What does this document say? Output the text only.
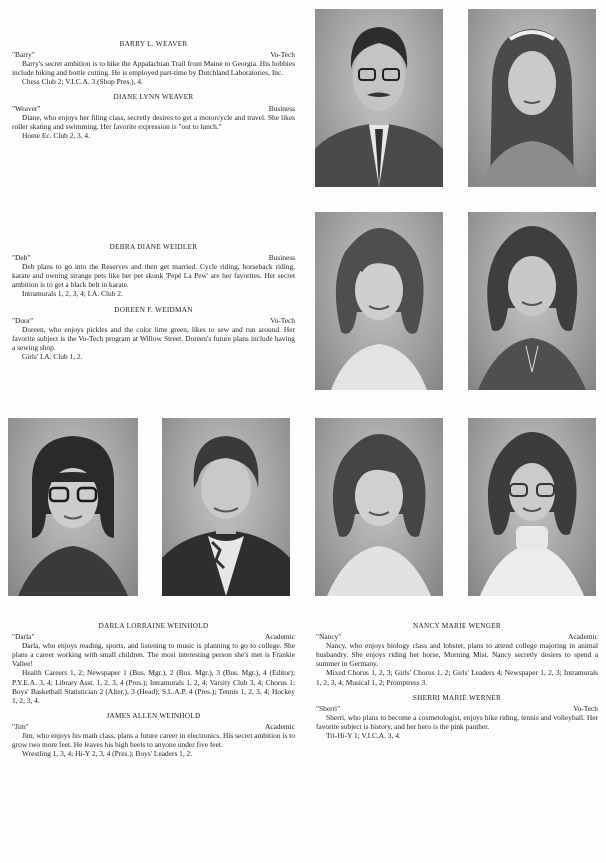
BARRY L. WEAVER
"Barry"	Vo-Tech
Barry's secret ambition is to hike the Appalachian Trail from Maine to Georgia. His hobbies include hiking and bottle cutting. He is employed part-time by Dutchland Laboratories, Inc.
Chess Club 2; V.I.C.A. 3 (Shop Pres.), 4.
DIANE LYNN WEAVER
"Weaver"	Business
Diane, who enjoys her filing class, secretly desires to get a motorcycle and travel. She likes roller skating and swimming. Her favorite expression is "out to lunch."
Home Ec. Club 2, 3, 4.
DEBRA DIANE WEIDLER
"Deb"	Business
Deb plans to go into the Reserves and then get married. Cycle riding, horseback riding, karate and owning strange pets like her pet skunk 'Pepé La Pew' are her favorites. Her secret ambition is to get a black belt in karate.
Intramurals 1, 2, 3, 4; I.A. Club 2.
DOREEN F. WEIDMAN
"Door"	Vo-Tech
Doreen, who enjoys pickles and the color lime green, likes to sew and run around. Her favorite subject is the Vo-Tech program at Willow Street. Doreen's future plans include having a sewing shop.
Girls' I.A. Club 1, 2.
DARLA LORRAINE WEINHOLD
"Darla"	Academic
Darla, who enjoys reading, sports, and listening to music is planning to go to college. She plans a career working with small children. The most interesting person she's met is Frankie Vallee!
Health Careers 1, 2; Newspaper 1 (Bus. Mgr.), 2 (Bus. Mgr.), 3 (Bus. Mgr.), 4 (Editor); P.Y.E.A. 3, 4; Library Asst. 1, 2, 3, 4 (Pres.); Intramurals 1, 2, 4; Varsity Club 3, 4; Chorus 1; Boys' Basketball Statistician 2 (Alter.), 3 (Head); S.L.A.P. 4 (Pres.); Tennis 1, 2, 3, 4; Hockey 1, 2, 3, 4.
JAMES ALLEN WEINHOLD
"Jim"	Academic
Jim, who enjoys his math class, plans a future career in electronics. His secret ambition is to grow two more feet. He leaves his high heels to anyone under five feet.
Wrestling 1, 3, 4; Hi-Y 2, 3, 4 (Pres.); Boys' Leaders 1, 2.
NANCY MARIE WENGER
"Nancy"	Academic
Nancy, who enjoys biology class and lobster, plans to attend college majoring in animal husbandry. She enjoys riding her horse, Morning Mist. Nancy secretly desires to spend a summer in Germany.
Mixed Chorus 1, 2, 3; Girls' Chorus 1, 2; Girls' Leaders 4; Newspaper 1, 2, 3; Intramurals 1, 2, 3, 4; Musical 1, 2; Promptress 3.
SHERRI MARIE WERNER
"Sherri"	Vo-Tech
Sherri, who plans to become a cosmetologist, enjoys bike riding, tennis and volleyball. Her favorite subject is history, and her hero is the pink panther.
Tri-Hi-Y 1; V.I.C.A. 3, 4.
